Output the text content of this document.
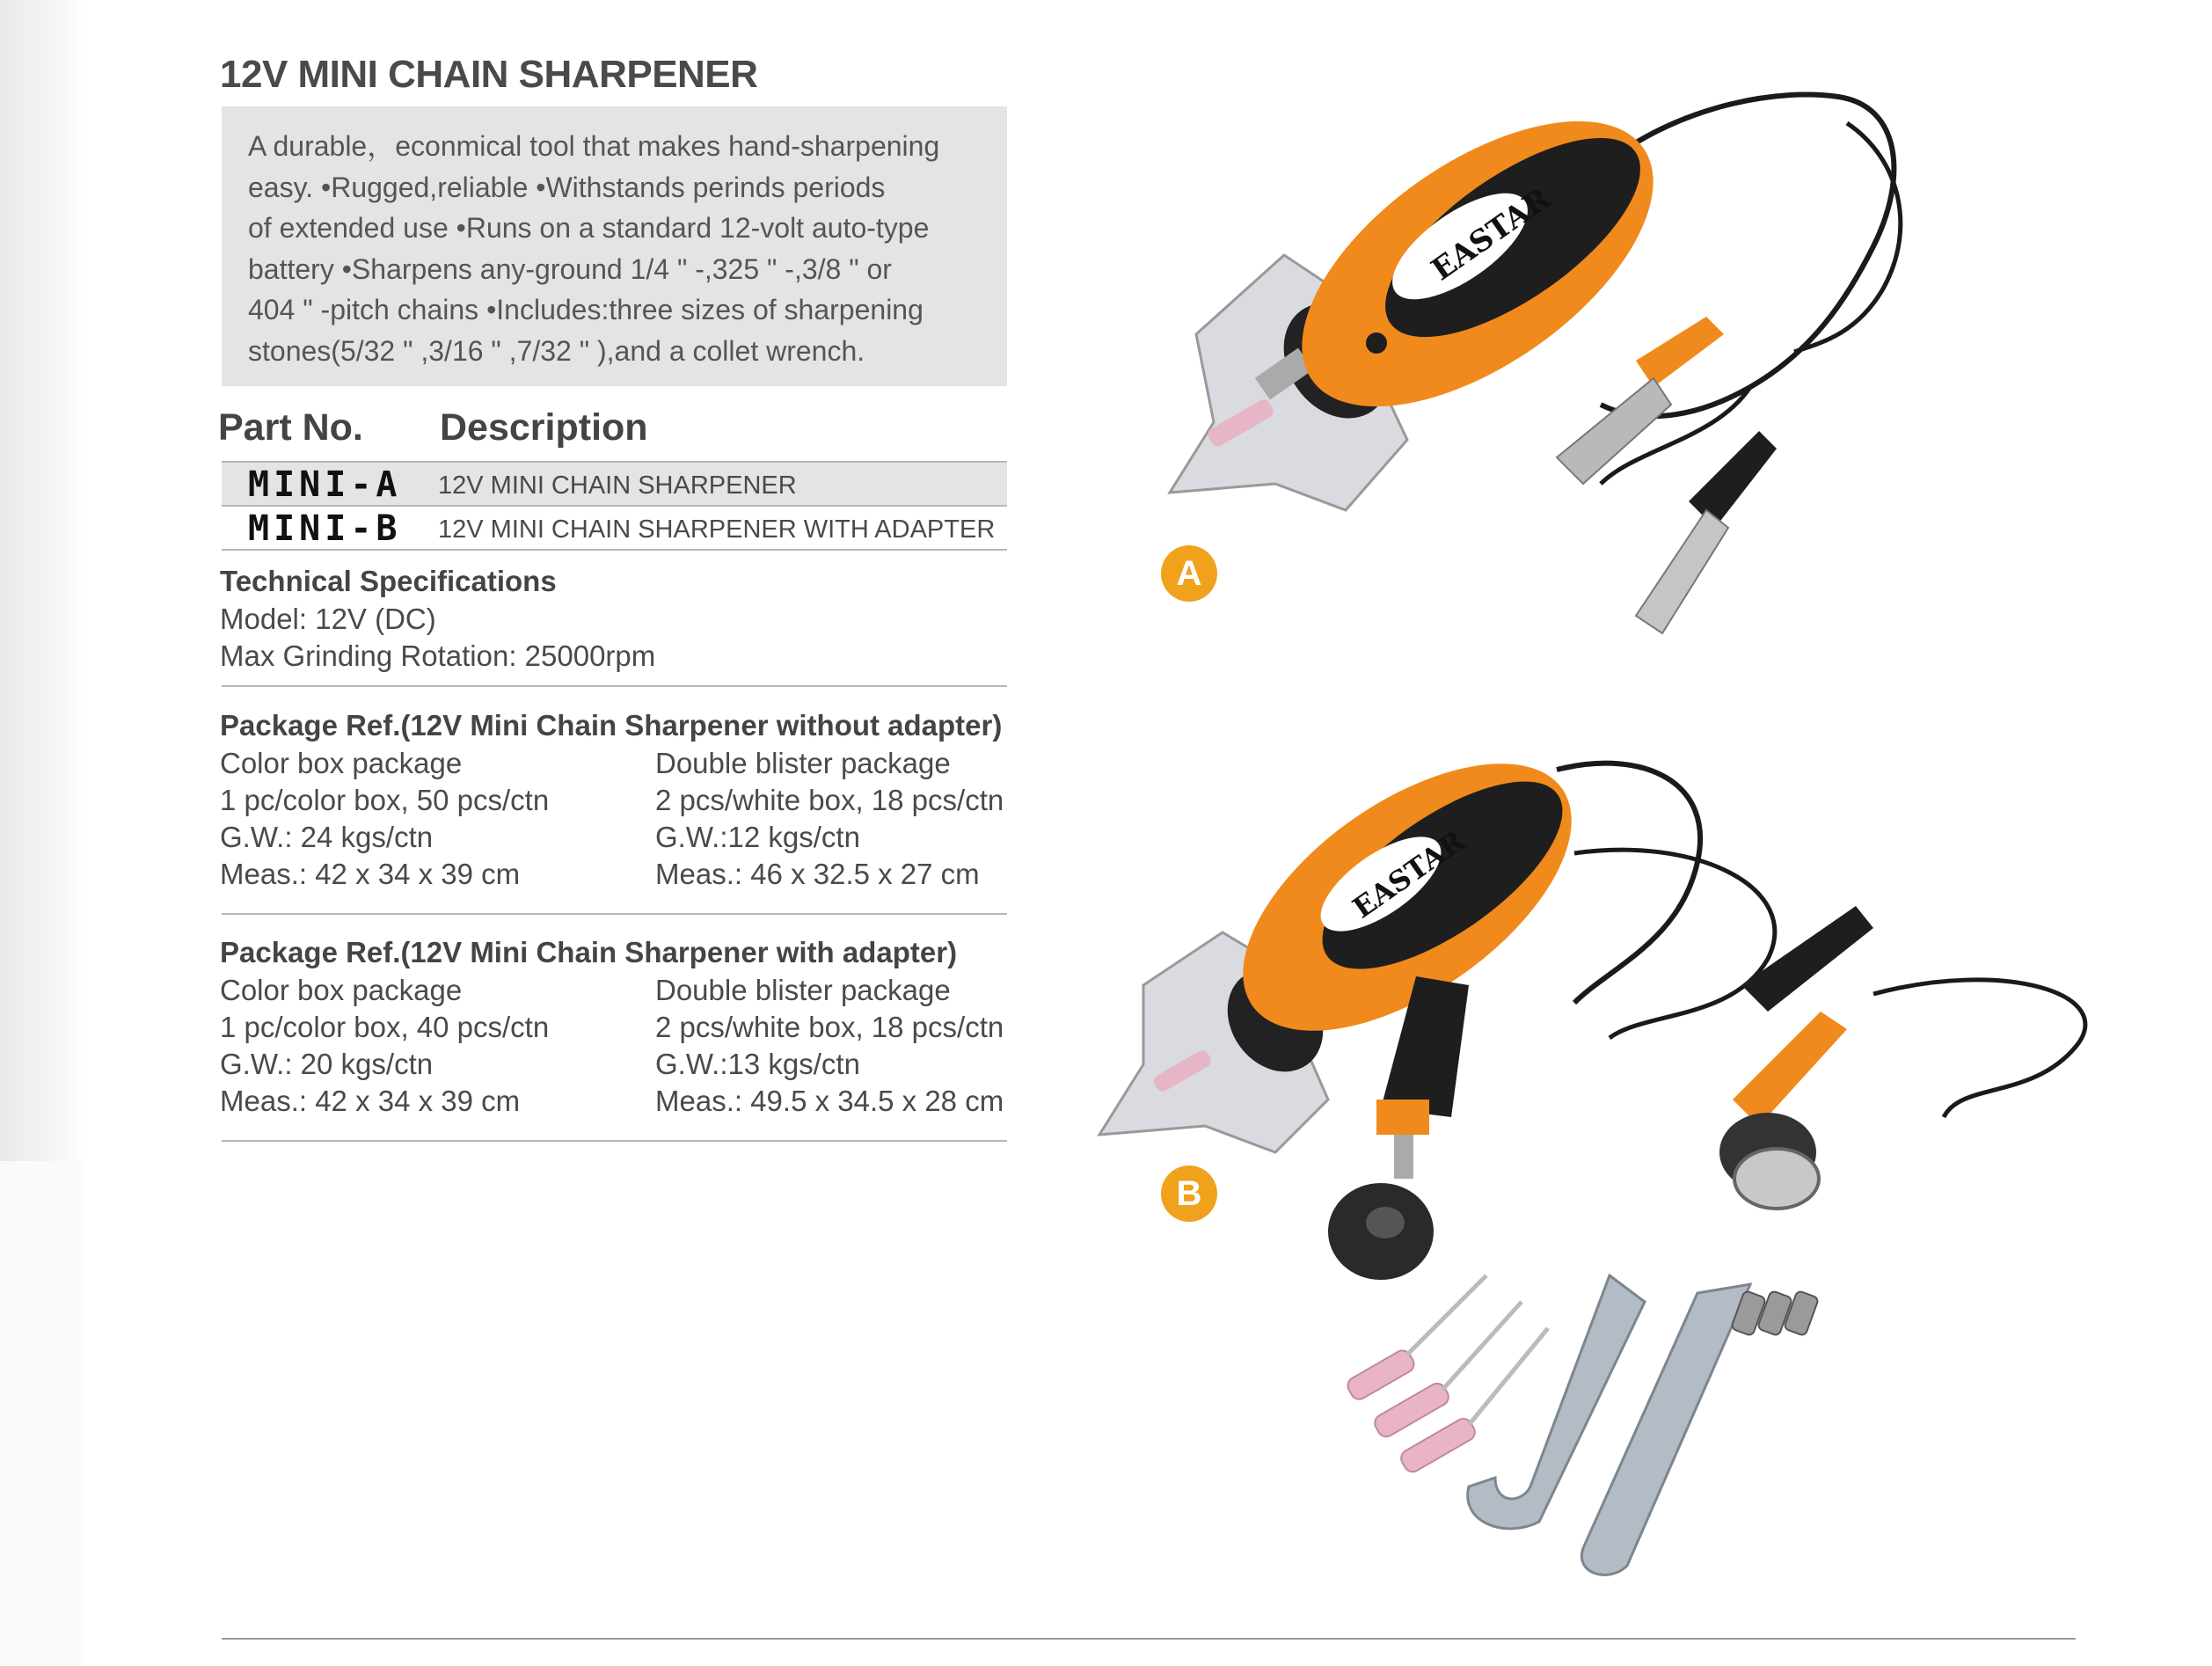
12V MINI CHAIN SHARPENER

A durable，econmical tool that makes hand-sharpening

easy. •Rugged,reliable •Withstands perinds periods

of extended use •Runs on a standard 12-volt auto-type

battery •Sharpens any-ground 1/4 " -,325 " -,3/8 " or

404 " -pitch chains •Includes:three sizes of sharpening

stones(5/32 " ,3/16 " ,7/32 " ),and a collet wrench.

Part No. Description
MINI-A 12V MINI CHAIN SHARPENER
MINI-B 12V MINI CHAIN SHARPENER WITH ADAPTER
Technical Specifications
Model: 12V (DC)
Max Grinding Rotation: 25000rpm
Package Ref.(12V Mini Chain Sharpener without adapter)
Color box package
1 pc/color box, 50 pcs/ctn
G.W.: 24 kgs/ctn
Meas.: 42 x 34 x 39 cm
Double blister package
2 pcs/white box, 18 pcs/ctn
G.W.:12 kgs/ctn
Meas.: 46 x 32.5 x 27 cm
Package Ref.(12V Mini Chain Sharpener with adapter)
Color box package
1 pc/color box, 40 pcs/ctn
G.W.: 20 kgs/ctn
Meas.: 42 x 34 x 39 cm
Double blister package
2 pcs/white box, 18 pcs/ctn
G.W.:13 kgs/ctn
Meas.: 49.5 x 34.5 x 28 cm
EASTAR
A
EASTAR
B
